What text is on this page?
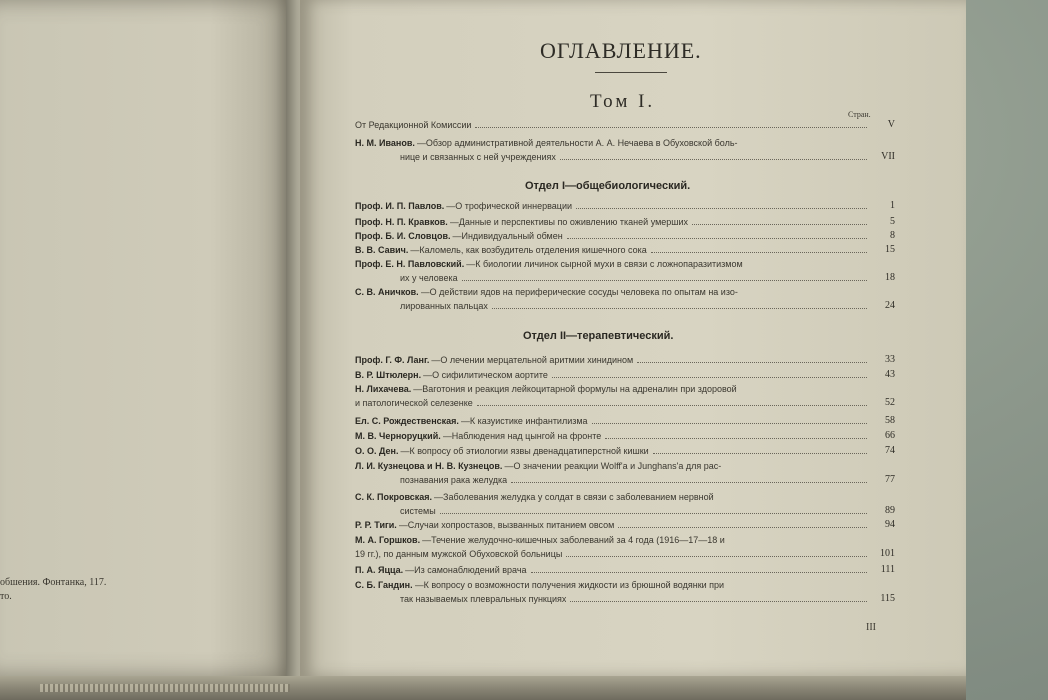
обшения. Фонтанка, 117.
то.
ОГЛАВЛЕНИЕ.
Том I.
Стран.
От Редакционной Комиссии	V
Н. М. Иванов. —Обзор административной деятельности А. А. Нечаева в Обуховской боль-
нице и связанных с ней учреждениях	VII
Отдел I—общебиологический.
Проф. И. П. Павлов. —О трофической иннервации	1
Проф. Н. П. Кравков. —Данные и перспективы по оживлению тканей умерших	5
Проф. Б. И. Словцов. —Индивидуальный обмен	8
В. В. Савич. —Каломель, как возбудитель отделения кишечного сока	15
Проф. Е. Н. Павловский. —К биологии личинок сырной мухи в связи с ложнопаразитизмом
их у человека	18
С. В. Аничков. —О действии ядов на периферические сосуды человека по опытам на изо-
лированных пальцах	24
Отдел II—терапевтический.
Проф. Г. Ф. Ланг. —О лечении мерцательной аритмии хинидином	33
В. Р. Штюлерн. —О сифилитическом аортите	43
Н. Лихачева. —Ваготония и реакция лейкоцитарной формулы на адреналин при здоровой
и патологической селезенке	52
Ел. С. Рождественская. —К казуистике инфантилизма	58
М. В. Черноруцкий. —Наблюдения над цынгой на фронте	66
О. О. Ден. —К вопросу об этиологии язвы двенадцатиперстной кишки	74
Л. И. Кузнецова и Н. В. Кузнецов. —О значении реакции Wolff'a и Junghans'a для рас-
познавания рака желудка	77
С. К. Покровская. —Заболевания желудка у солдат в связи с заболеванием нервной
системы	89
Р. Р. Тиги. —Случаи хопростазов, вызванных питанием овсом	94
М. А. Горшков. —Течение желудочно-кишечных заболеваний за 4 года (1916—17—18 и
19 гг.), по данным мужской Обуховской больницы	101
П. А. Яцца. —Из самонаблюдений врача	111
С. Б. Гандин. —К вопросу о возможности получения жидкости из брюшной водянки при
так называемых плевральных пункциях	115
III
